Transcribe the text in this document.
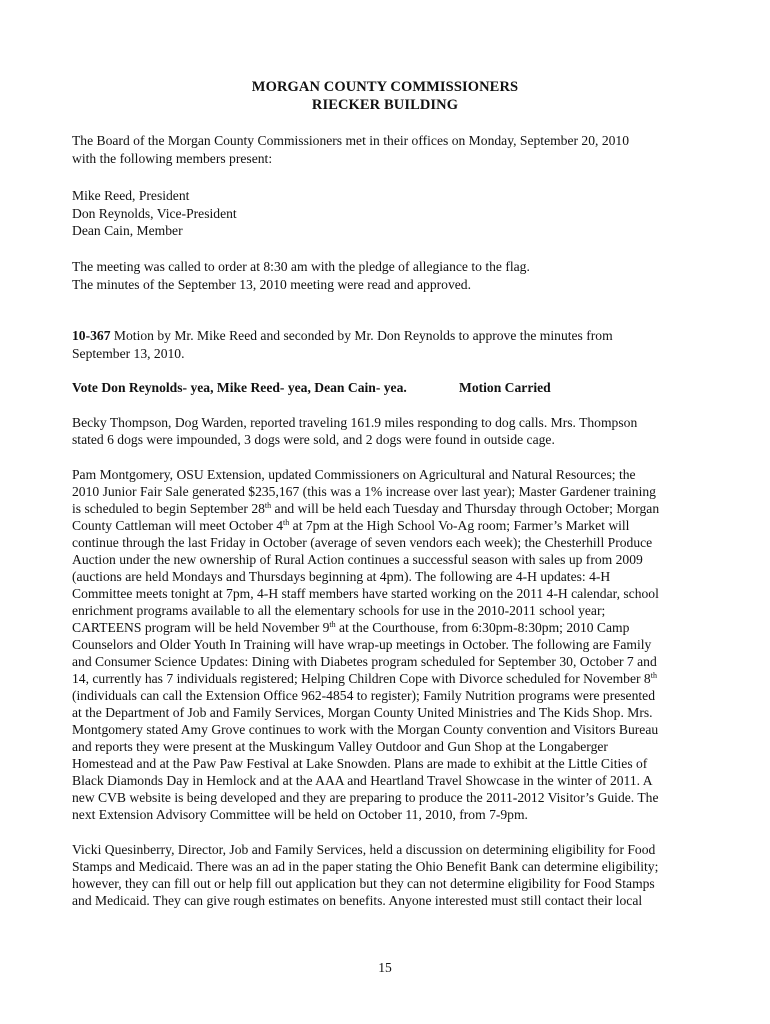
MORGAN COUNTY COMMISSIONERS
RIECKER BUILDING
The Board of the Morgan County Commissioners met in their offices on Monday, September 20, 2010
with the following members present:
Mike Reed, President
Don Reynolds, Vice-President
Dean Cain, Member
The meeting was called to order at 8:30 am with the pledge of allegiance to the flag.
The minutes of the September 13, 2010 meeting were read and approved.
10-367 Motion by Mr. Mike Reed and seconded by Mr. Don Reynolds to approve the minutes from
September 13, 2010.
Vote Don Reynolds- yea, Mike Reed- yea, Dean Cain- yea.	Motion Carried
Becky Thompson, Dog Warden, reported traveling 161.9 miles responding to dog calls. Mrs. Thompson
stated 6 dogs were impounded, 3 dogs were sold, and 2 dogs were found in outside cage.
Pam Montgomery, OSU Extension, updated Commissioners on Agricultural and Natural Resources; the
2010 Junior Fair Sale generated $235,167 (this was a 1% increase over last year); Master Gardener training
is scheduled to begin September 28th and will be held each Tuesday and Thursday through October; Morgan
County Cattleman will meet October 4th at 7pm at the High School Vo-Ag room; Farmer’s Market will
continue through the last Friday in October (average of seven vendors each week); the Chesterhill Produce
Auction under the new ownership of Rural Action continues a successful season with sales up from 2009
(auctions are held Mondays and Thursdays beginning at 4pm). The following are 4-H updates: 4-H
Committee meets tonight at 7pm, 4-H staff members have started working on the 2011 4-H calendar, school
enrichment programs available to all the elementary schools for use in the 2010-2011 school year;
CARTEENS program will be held November 9th at the Courthouse, from 6:30pm-8:30pm; 2010 Camp
Counselors and Older Youth In Training will have wrap-up meetings in October. The following are Family
and Consumer Science Updates: Dining with Diabetes program scheduled for September 30, October 7 and
14, currently has 7 individuals registered; Helping Children Cope with Divorce scheduled for November 8th
(individuals can call the Extension Office 962-4854 to register); Family Nutrition programs were presented
at the Department of Job and Family Services, Morgan County United Ministries and The Kids Shop. Mrs.
Montgomery stated Amy Grove continues to work with the Morgan County convention and Visitors Bureau
and reports they were present at the Muskingum Valley Outdoor and Gun Shop at the Longaberger
Homestead and at the Paw Paw Festival at Lake Snowden. Plans are made to exhibit at the Little Cities of
Black Diamonds Day in Hemlock and at the AAA and Heartland Travel Showcase in the winter of 2011. A
new CVB website is being developed and they are preparing to produce the 2011-2012 Visitor’s Guide. The
next Extension Advisory Committee will be held on October 11, 2010, from 7-9pm.
Vicki Quesinberry, Director, Job and Family Services, held a discussion on determining eligibility for Food
Stamps and Medicaid. There was an ad in the paper stating the Ohio Benefit Bank can determine eligibility;
however, they can fill out or help fill out application but they can not determine eligibility for Food Stamps
and Medicaid. They can give rough estimates on benefits. Anyone interested must still contact their local
15
